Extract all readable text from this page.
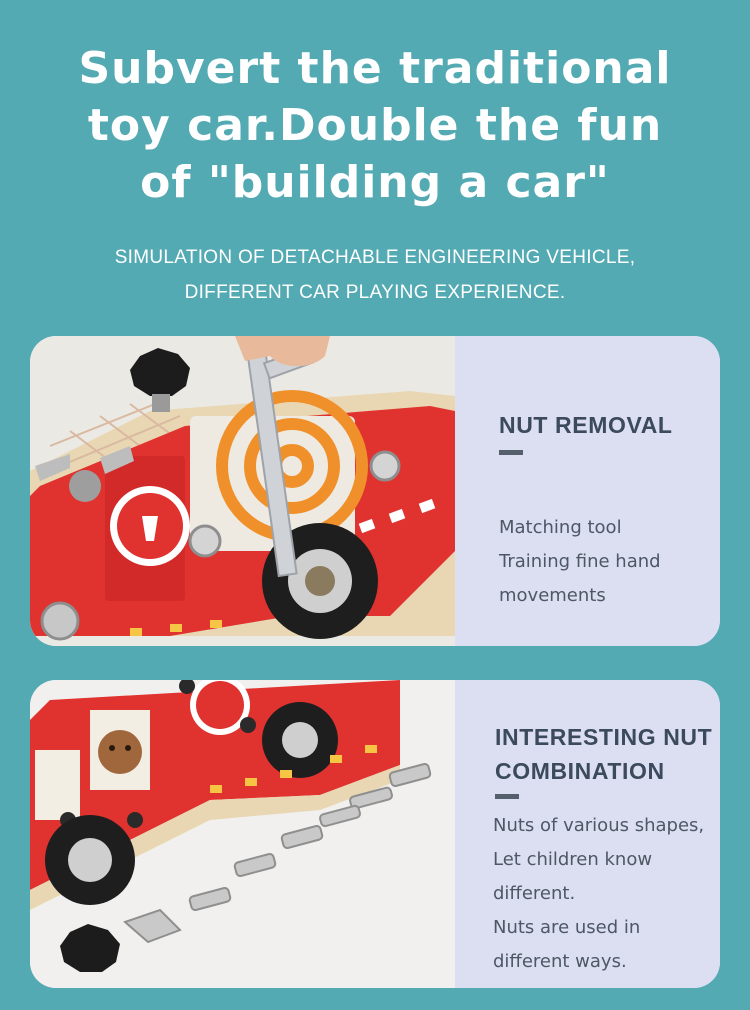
Subvert the traditional
toy car.Double the fun
of "building a car"
SIMULATION OF DETACHABLE ENGINEERING VEHICLE,
DIFFERENT CAR PLAYING EXPERIENCE.
NUT REMOVAL

Matching tool

Training fine hand

movements

INTERESTING NUT
COMBINATION

Nuts of various shapes,

Let children know

different.

Nuts are used in

different ways.
